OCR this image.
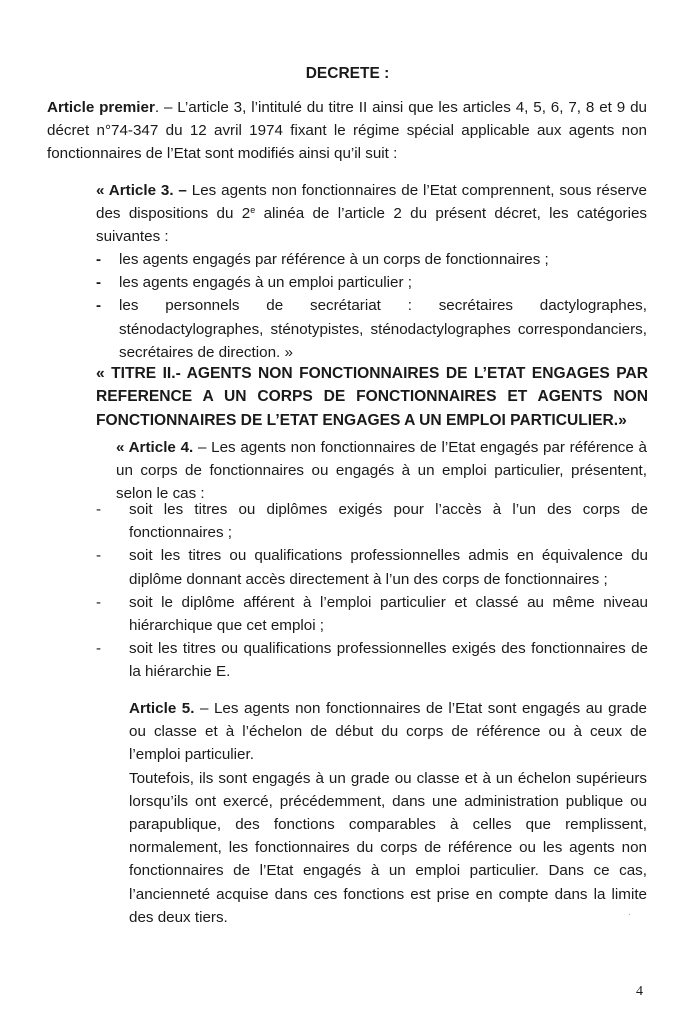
DECRETE :
Article premier. – L’article 3, l’intitulé du titre II ainsi que les articles 4, 5, 6, 7, 8 et 9 du décret n°74-347 du 12 avril 1974 fixant le régime spécial applicable aux agents non fonctionnaires de l’Etat sont modifiés ainsi qu’il suit :
« Article 3. – Les agents non fonctionnaires de l’Etat comprennent, sous réserve des dispositions du 2e alinéa de l’article 2 du présent décret, les catégories suivantes :
- les agents engagés par référence à un corps de fonctionnaires ;
- les agents engagés à un emploi particulier ;
- les personnels de secrétariat : secrétaires dactylographes, sténodactylographes, sténotypistes, sténodactylographes correspondanciers, secrétaires de direction. »
« TITRE II.- AGENTS NON FONCTIONNAIRES DE L’ETAT ENGAGES PAR REFERENCE A UN CORPS DE FONCTIONNAIRES ET AGENTS NON FONCTIONNAIRES DE L’ETAT ENGAGES A UN EMPLOI PARTICULIER.»
« Article 4. – Les agents non fonctionnaires de l’Etat engagés par référence à un corps de fonctionnaires ou engagés à un emploi particulier, présentent, selon le cas :
- soit les titres ou diplômes exigés pour l’accès à l’un des corps de fonctionnaires ;
- soit les titres ou qualifications professionnelles admis en équivalence du diplôme donnant accès directement à l’un des corps de fonctionnaires ;
- soit le diplôme afférent à l’emploi particulier et classé au même niveau hiérarchique que cet emploi ;
- soit les titres ou qualifications professionnelles exigés des fonctionnaires de la hiérarchie E.

Article 5. – Les agents non fonctionnaires de l’Etat sont engagés au grade ou classe et à l’échelon de début du corps de référence ou à ceux de l’emploi particulier.

Toutefois, ils sont engagés à un grade ou classe et à un échelon supérieurs lorsqu’ils ont exercé, précédemment, dans une administration publique ou parapublique, des fonctions comparables à celles que remplissent, normalement, les fonctionnaires du corps de référence ou les agents non fonctionnaires de l’Etat engagés à un emploi particulier. Dans ce cas, l’ancienneté acquise dans ces fonctions est prise en compte dans la limite des deux tiers.

4
